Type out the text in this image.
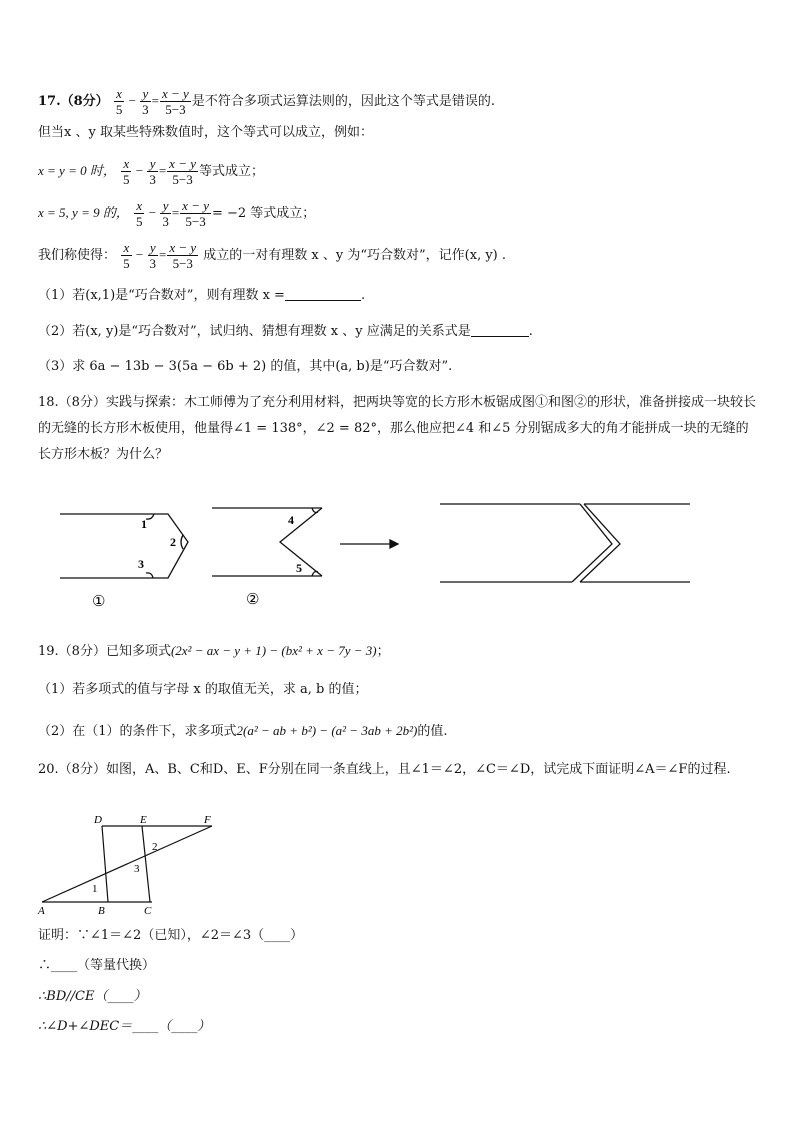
17.（8分） $\frac{x}{5} - \frac{y}{3} = \frac{x - y}{5-3}$ 是不符合多项式运算法则的，因此这个等式是错误的.
但当x 、y 取某些特殊数值时，这个等式可以成立，例如：
x = y = 0 时， $\frac{x}{5} - \frac{y}{3} = \frac{x - y}{5-3}$ 等式成立；
x = 5, y = 9 的， $\frac{x}{5} - \frac{y}{3} = \frac{x - y}{5-3} = -2$ 等式成立；
我们称使得： $\frac{x}{5} - \frac{y}{3} = \frac{x - y}{5-3}$ 成立的一对有理数 x 、y 为“巧合数对”，记作(x, y) .
（1）若(x,1)是“巧合数对”，则有理数 x =	.
（2）若(x, y)是“巧合数对”，试归纳、猜想有理数 x 、y 应满足的关系式是	.
（3）求 6a − 13b − 3(5a − 6b + 2) 的值，其中(a, b)是“巧合数对”.
18.（8分）实践与探索：木工师傅为了充分利用材料，把两块等宽的长方形木板锯成图①和图②的形状，准备拼接成一块较长的无缝的长方形木板使用，他量得∠1 = 138°，∠2 = 82°，那么他应把∠4 和∠5 分别锯成多大的角才能拼成一块的无缝的长方形木板？为什么？
1
2
3
①
4
5
②
19.（8分）已知多项式(2x² − ax − y + 1) − (bx² + x − 7y − 3)；
（1）若多项式的值与字母 x 的取值无关，求 a, b 的值；
（2）在（1）的条件下，求多项式2(a² − ab + b²) − (a² − 3ab + 2b²)的值.
20.（8分）如图，A、B、C和D、E、F分别在同一条直线上，且∠1＝∠2，∠C＝∠D，试完成下面证明∠A＝∠F的过程.
D	E	F
A	B	C
1
2
3
证明：∵∠1＝∠2（已知），∠2＝∠3（____）
∴____（等量代换）
∴BD//CE（____）
∴∠D+∠DEC＝____（____）
